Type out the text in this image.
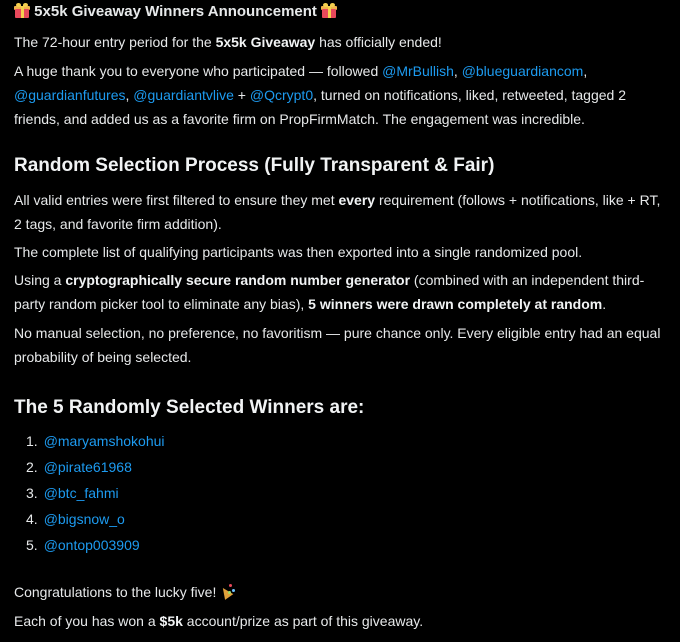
5x5k Giveaway Winners Announcement

The 72-hour entry period for the 5x5k Giveaway has officially ended!

A huge thank you to everyone who participated — followed @MrBullish, @blueguardiancom, @guardianfutures, @guardiantvlive + @Qcrypt0, turned on notifications, liked, retweeted, tagged 2 friends, and added us as a favorite firm on PropFirmMatch. The engagement was incredible.

Random Selection Process (Fully Transparent & Fair)

All valid entries were first filtered to ensure they met every requirement (follows + notifications, like + RT, 2 tags, and favorite firm addition).

The complete list of qualifying participants was then exported into a single randomized pool.

Using a cryptographically secure random number generator (combined with an independent third-party random picker tool to eliminate any bias), 5 winners were drawn completely at random.

No manual selection, no preference, no favoritism — pure chance only. Every eligible entry had an equal probability of being selected.

The 5 Randomly Selected Winners are:
1. @maryamshokohui
2. @pirate61968
3. @btc_fahmi
4. @bigsnow_o
5. @ontop003909

Congratulations to the lucky five!

Each of you has won a $5k account/prize as part of this giveaway.
